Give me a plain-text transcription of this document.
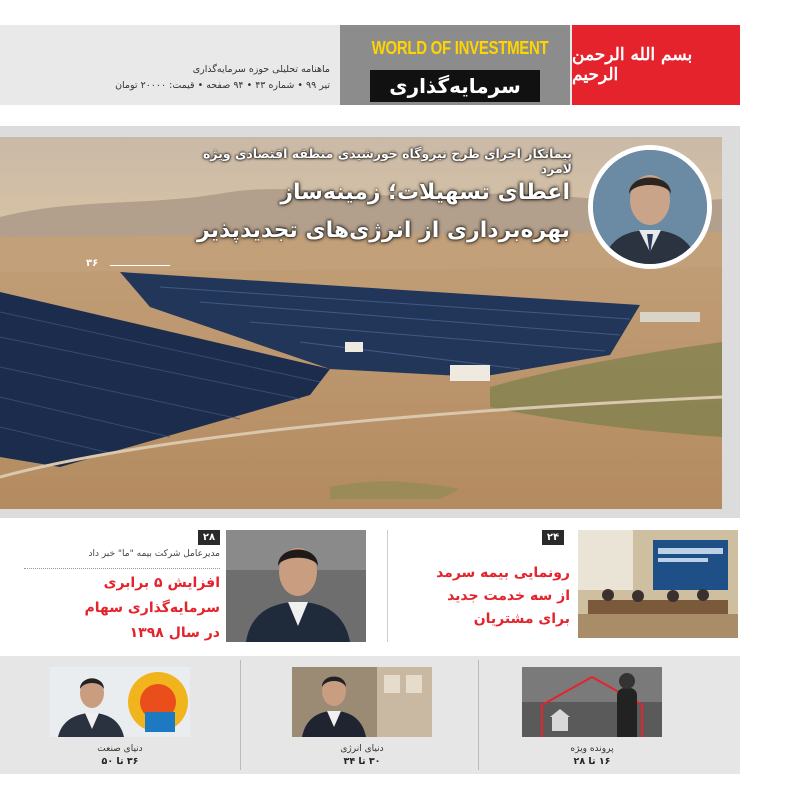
بسم الله الرحمن الرحيم
WORLD OF INVESTMENT
سرمایه‌گذاری
ماهنامه تحلیلی حوزه سرمایه‌گذاری
تیر ۹۹ • شماره ۴۳ • ۹۴ صفحه • قیمت: ۲۰۰۰۰ تومان
پیمانکار اجرای طرح نیروگاه خورشیدی منطقه اقتصادی ویژه لامرد
اعطای تسهیلات؛ زمینه‌ساز
بهره‌برداری از انرژی‌های تجدیدپذیر
۳۶
۲۸
مدیرعامل شرکت بیمه "ما" خبر داد
افزایش ۵ برابری
سرمایه‌گذاری سهام
در سال ۱۳۹۸
۲۴
رونمایی بیمه سرمد
از سه خدمت جدید
برای مشتریان
دنیای صنعت
۳۶ تا ۵۰
دنیای انرژی
۳۰ تا ۳۴
پرونده ویژه
۱۶ تا ۲۸
